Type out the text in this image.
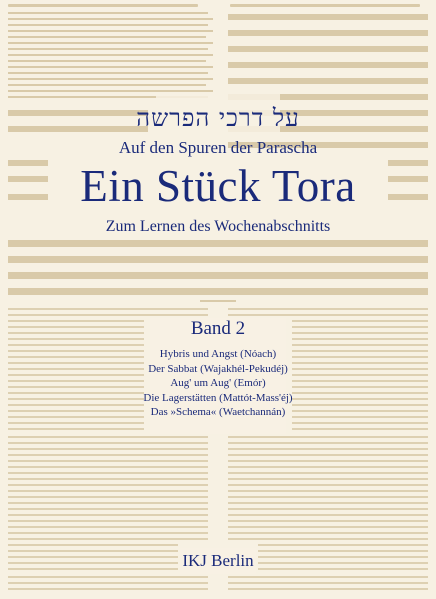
על דרכי הפרשה
Auf den Spuren der Paraschа
Ein Stück Tora
Zum Lernen des Wochenabschnitts
Band 2
Hybris und Angst (Nóach)
Der Sabbat (Wajakhél-Pekudéj)
Aug' um Aug' (Emór)
Die Lagerstätten (Mattót-Mass'éj)
Das »Schema« (Waetchannán)
IKJ Berlin
